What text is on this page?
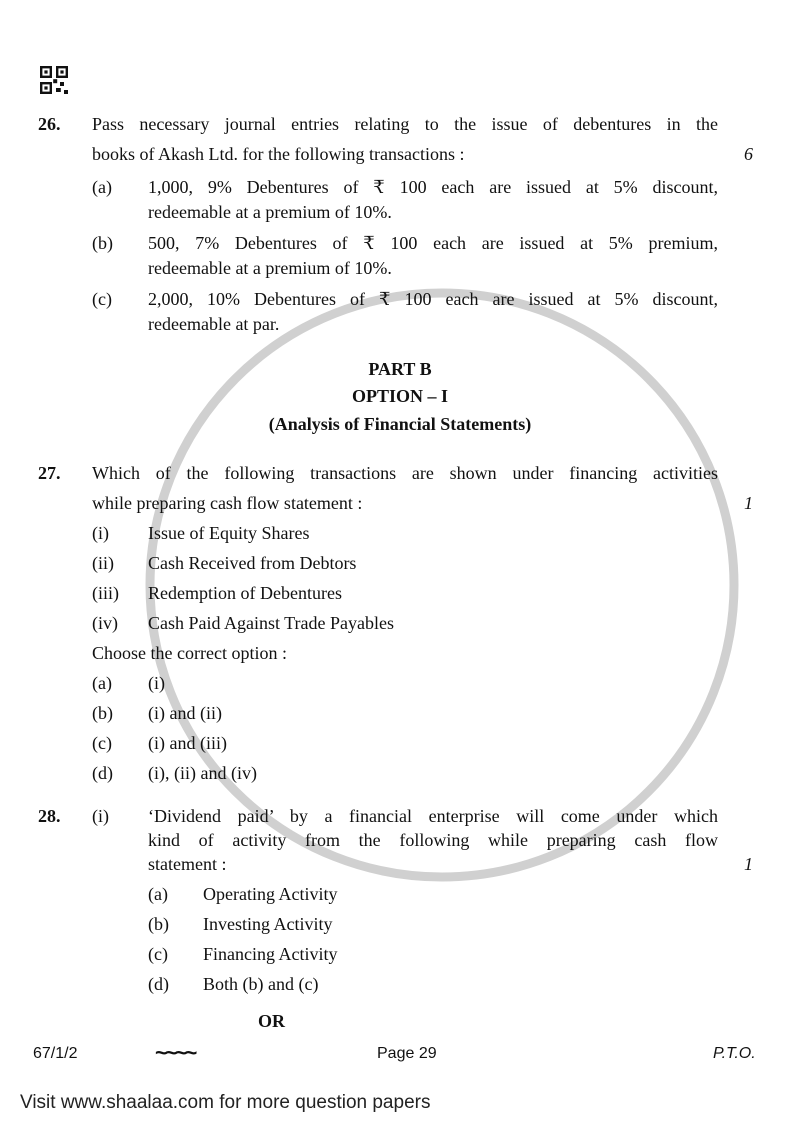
26. Pass necessary journal entries relating to the issue of debentures in the
books of Akash Ltd. for the following transactions :	6
(a) 1,000, 9% Debentures of ₹ 100 each are issued at 5% discount,
redeemable at a premium of 10%.
(b) 500, 7% Debentures of ₹ 100 each are issued at 5% premium,
redeemable at a premium of 10%.
(c) 2,000, 10% Debentures of ₹ 100 each are issued at 5% discount,
redeemable at par.
PART B
OPTION – I
(Analysis of Financial Statements)
27. Which of the following transactions are shown under financing activities
while preparing cash flow statement :	1
(i) Issue of Equity Shares
(ii) Cash Received from Debtors
(iii) Redemption of Debentures
(iv) Cash Paid Against Trade Payables
Choose the correct option :
(a) (i)
(b) (i) and (ii)
(c) (i) and (iii)
(d) (i), (ii) and (iv)
28. (i) ‘Dividend paid’ by a financial enterprise will come under which
kind of activity from the following while preparing cash flow
statement :	1
(a) Operating Activity
(b) Investing Activity
(c) Financing Activity
(d) Both (b) and (c)
OR
67/1/2	~~~~	Page 29	P.T.O.
Visit www.shaalaa.com for more question papers
